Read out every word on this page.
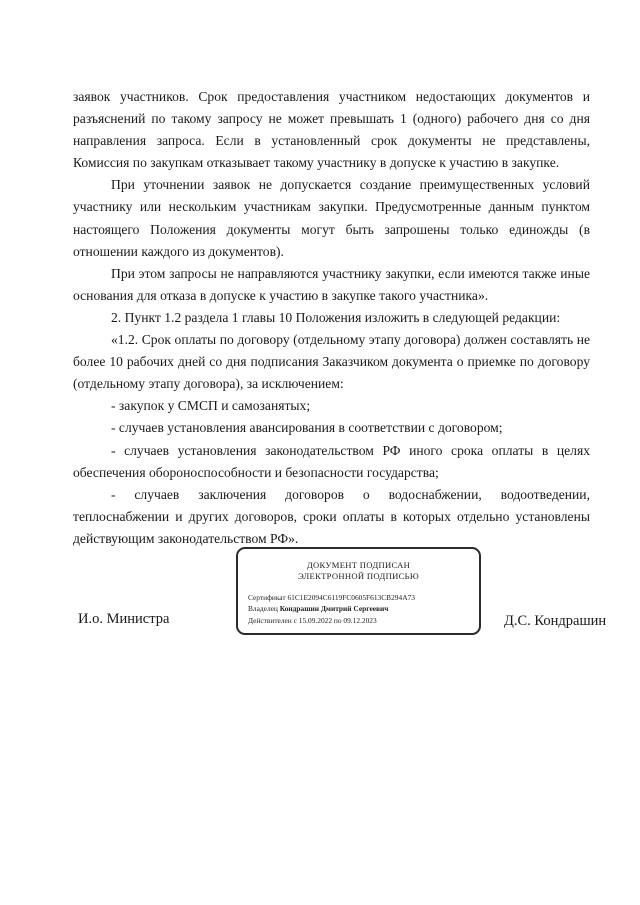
заявок участников. Срок предоставления участником недостающих документов и разъяснений по такому запросу не может превышать 1 (одного) рабочего дня со дня направления запроса. Если в установленный срок документы не представлены, Комиссия по закупкам отказывает такому участнику в допуске к участию в закупке.

При уточнении заявок не допускается создание преимущественных условий участнику или нескольким участникам закупки. Предусмотренные данным пунктом настоящего Положения документы могут быть запрошены только единожды (в отношении каждого из документов).

При этом запросы не направляются участнику закупки, если имеются также иные основания для отказа в допуске к участию в закупке такого участника».

2. Пункт 1.2 раздела 1 главы 10 Положения изложить в следующей редакции:

«1.2. Срок оплаты по договору (отдельному этапу договора) должен составлять не более 10 рабочих дней со дня подписания Заказчиком документа о приемке по договору (отдельному этапу договора), за исключением:

- закупок у СМСП и самозанятых;

- случаев установления авансирования в соответствии с договором;

- случаев установления законодательством РФ иного срока оплаты в целях обеспечения обороноспособности и безопасности государства;

- случаев заключения договоров о водоснабжении, водоотведении, теплоснабжении и других договоров, сроки оплаты в которых отдельно установлены действующим законодательством РФ».

И.о. Министра
ДОКУМЕНТ ПОДПИСАН
ЭЛЕКТРОННОЙ ПОДПИСЬЮ
Сертификат 61C1E2094C6119FC0605F613CB294A73
Владелец Кондрашин Дмитрий Сергеевич
Действителен с 15.09.2022 по 09.12.2023	Д.С. Кондрашин
